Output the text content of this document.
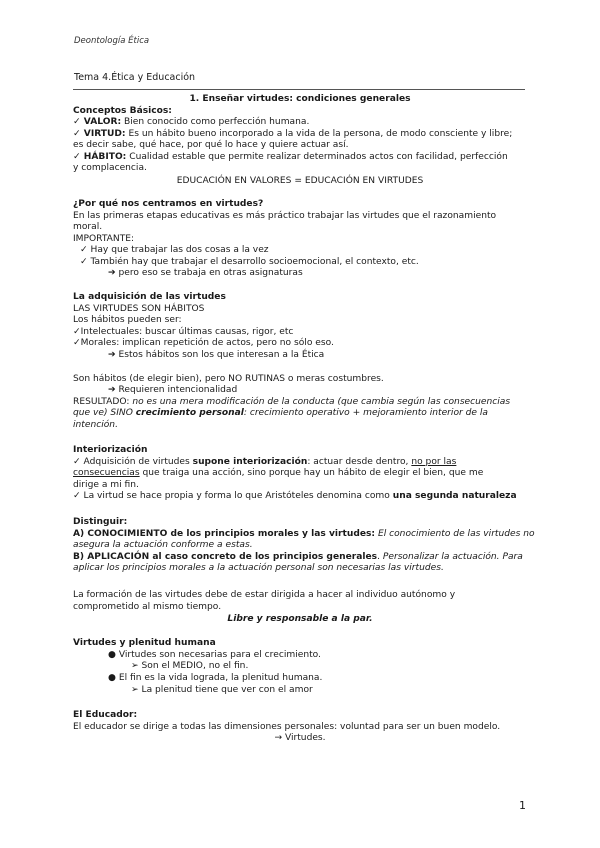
Deontología Ética
Tema 4.Ética y Educación
1. Enseñar virtudes: condiciones generales
Conceptos Básicos:
✓ VALOR: Bien conocido como perfección humana.
✓ VIRTUD: Es un hábito bueno incorporado a la vida de la persona, de modo consciente y libre;
es decir sabe, qué hace, por qué lo hace y quiere actuar así.
✓ HÁBITO: Cualidad estable que permite realizar determinados actos con facilidad, perfección
y complacencia.
EDUCACIÓN EN VALORES = EDUCACIÓN EN VIRTUDES
¿Por qué nos centramos en virtudes?
En las primeras etapas educativas es más práctico trabajar las virtudes que el razonamiento
moral.
IMPORTANTE:
✓ Hay que trabajar las dos cosas a la vez
✓ También hay que trabajar el desarrollo socioemocional, el contexto, etc.
➔ pero eso se trabaja en otras asignaturas
La adquisición de las virtudes
LAS VIRTUDES SON HÁBITOS
Los hábitos pueden ser:
✓Intelectuales: buscar últimas causas, rigor, etc
✓Morales: implican repetición de actos, pero no sólo eso.
➔ Estos hábitos son los que interesan a la Ética
Son hábitos (de elegir bien), pero NO RUTINAS o meras costumbres.
➔ Requieren intencionalidad
RESULTADO: no es una mera modificación de la conducta (que cambia según las consecuencias
que ve) SINO crecimiento personal: crecimiento operativo + mejoramiento interior de la
intención.
Interiorización
✓ Adquisición de virtudes supone interiorización: actuar desde dentro, no por las
consecuencias que traiga una acción, sino porque hay un hábito de elegir el bien, que me
dirige a mi fin.
✓ La virtud se hace propia y forma lo que Aristóteles denomina como una segunda naturaleza
Distinguir:
A) CONOCIMIENTO de los principios morales y las virtudes: El conocimiento de las virtudes no
asegura la actuación conforme a estas.
B) APLICACIÓN al caso concreto de los principios generales. Personalizar la actuación. Para
aplicar los principios morales a la actuación personal son necesarias las virtudes.
La formación de las virtudes debe de estar dirigida a hacer al individuo autónomo y
comprometido al mismo tiempo.
Libre y responsable a la par.
Virtudes y plenitud humana
● Virtudes son necesarias para el crecimiento.
➢ Son el MEDIO, no el fin.
● El fin es la vida lograda, la plenitud humana.
➢ La plenitud tiene que ver con el amor
El Educador:
El educador se dirige a todas las dimensiones personales: voluntad para ser un buen modelo.
→ Virtudes.
1
